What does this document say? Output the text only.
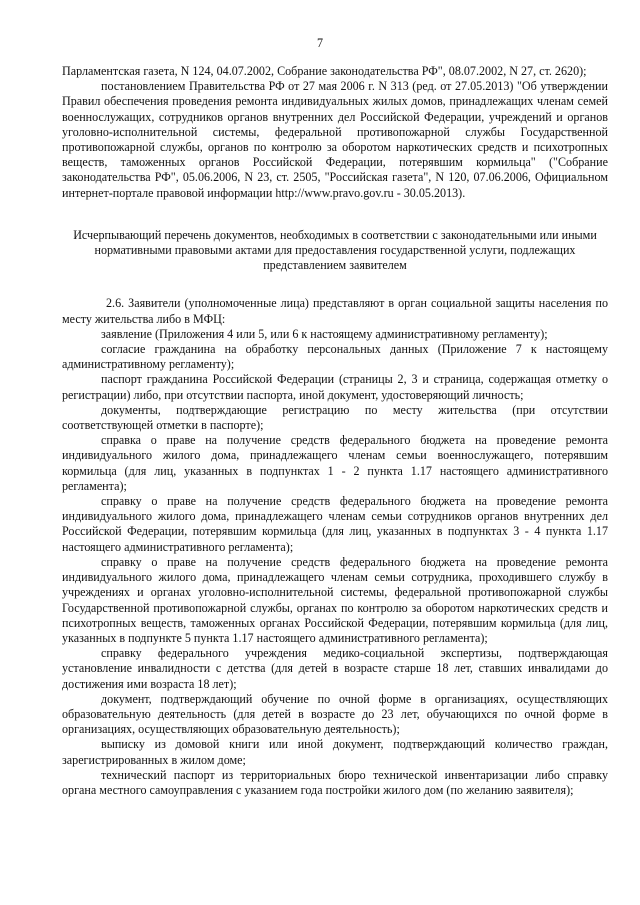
7

Парламентская газета, N 124, 04.07.2002, Собрание законодательства РФ", 08.07.2002, N 27, ст. 2620);

постановлением Правительства РФ от 27 мая 2006 г. N 313 (ред. от 27.05.2013) "Об утверждении Правил обеспечения проведения ремонта индивидуальных жилых домов, принадлежащих членам семей военнослужащих, сотрудников органов внутренних дел Российской Федерации, учреждений и органов уголовно-исполнительной системы, федеральной противопожарной службы Государственной противопожарной службы, органов по контролю за оборотом наркотических средств и психотропных веществ, таможенных органов Российской Федерации, потерявшим кормильца" ("Собрание законодательства РФ", 05.06.2006, N 23, ст. 2505, "Российская газета", N 120, 07.06.2006, Официальном интернет-портале правовой информации http://www.pravo.gov.ru - 30.05.2013).

Исчерпывающий перечень документов, необходимых в соответствии с законодательными или иными нормативными правовыми актами для предоставления государственной услуги, подлежащих представлением заявителем

2.6. Заявители (уполномоченные лица) представляют в орган социальной защиты населения по месту жительства либо в МФЦ:

заявление (Приложения 4 или 5, или 6 к настоящему административному регламенту);

согласие гражданина на обработку персональных данных (Приложение 7 к настоящему административному регламенту);

паспорт гражданина Российской Федерации (страницы 2, 3 и страница, содержащая отметку о регистрации) либо, при отсутствии паспорта, иной документ, удостоверяющий личность;

документы, подтверждающие регистрацию по месту жительства (при отсутствии соответствующей отметки в паспорте);

справка о праве на получение средств федерального бюджета на проведение ремонта индивидуального жилого дома, принадлежащего членам семьи военнослужащего, потерявшим кормильца (для лиц, указанных в подпунктах 1 - 2 пункта 1.17 настоящего административного регламента);

справку о праве на получение средств федерального бюджета на проведение ремонта индивидуального жилого дома, принадлежащего членам семьи сотрудников органов внутренних дел Российской Федерации, потерявшим кормильца (для лиц, указанных в подпунктах 3 - 4 пункта 1.17 настоящего административного регламента);

справку о праве на получение средств федерального бюджета на проведение ремонта индивидуального жилого дома, принадлежащего членам семьи сотрудника, проходившего службу в учреждениях и органах уголовно-исполнительной системы, федеральной противопожарной службы Государственной противопожарной службы, органах по контролю за оборотом наркотических средств и психотропных веществ, таможенных органах Российской Федерации, потерявшим кормильца (для лиц, указанных в подпункте 5 пункта 1.17 настоящего административного регламента);

справку федерального учреждения медико-социальной экспертизы, подтверждающая установление инвалидности с детства (для детей в возрасте старше 18 лет, ставших инвалидами до достижения ими возраста 18 лет);

документ, подтверждающий обучение по очной форме в организациях, осуществляющих образовательную деятельность (для детей в возрасте до 23 лет, обучающихся по очной форме в организациях, осуществляющих образовательную деятельность);

выписку из домовой книги или иной документ, подтверждающий количество граждан, зарегистрированных в жилом доме;

технический паспорт из территориальных бюро технической инвентаризации либо справку органа местного самоуправления с указанием года постройки жилого дом (по желанию заявителя);
